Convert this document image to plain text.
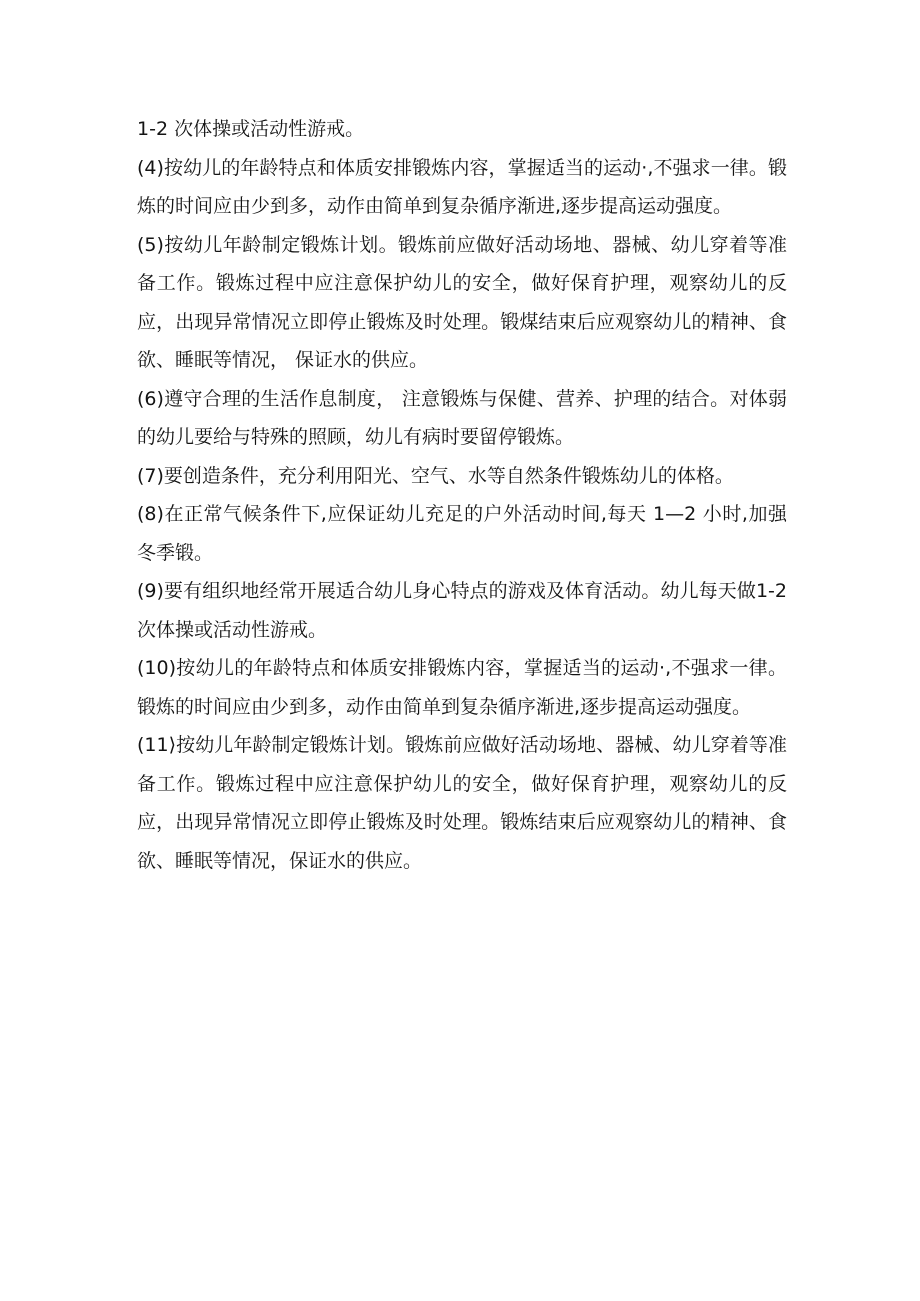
1-2 次体操或活动性游戒。

(4)按幼儿的年龄特点和体质安排锻炼内容，掌握适当的运动·,不强求一律。锻炼的时间应由少到多，动作由简单到复杂循序渐进,逐步提高运动强度。

(5)按幼儿年龄制定锻炼计划。锻炼前应做好活动场地、器械、幼儿穿着等准备工作。锻炼过程中应注意保护幼儿的安全，做好保育护理，观察幼儿的反应，出现异常情况立即停止锻炼及时处理。锻煤结束后应观察幼儿的精神、食欲、睡眠等情况， 保证水的供应。

(6)遵守合理的生活作息制度， 注意锻炼与保健、营养、护理的结合。对体弱的幼儿要给与特殊的照顾，幼儿有病时要留停锻炼。

(7)要创造条件，充分利用阳光、空气、水等自然条件锻炼幼儿的体格。

(8)在正常气候条件下,应保证幼儿充足的户外活动时间,每天 1—2 小时,加强冬季锻。

(9)要有组织地经常开展适合幼儿身心特点的游戏及体育活动。幼儿每天做1-2 次体操或活动性游戒。

(10)按幼儿的年龄特点和体质安排锻炼内容，掌握适当的运动·,不强求一律。锻炼的时间应由少到多，动作由简单到复杂循序渐进,逐步提高运动强度。

(11⟩按幼儿年龄制定锻炼计划。锻炼前应做好活动场地、器械、幼儿穿着等准备工作。锻炼过程中应注意保护幼儿的安全，做好保育护理，观察幼儿的反应，出现异常情况立即停止锻炼及时处理。锻炼结束后应观察幼儿的精神、食欲、睡眠等情况，保证水的供应。
